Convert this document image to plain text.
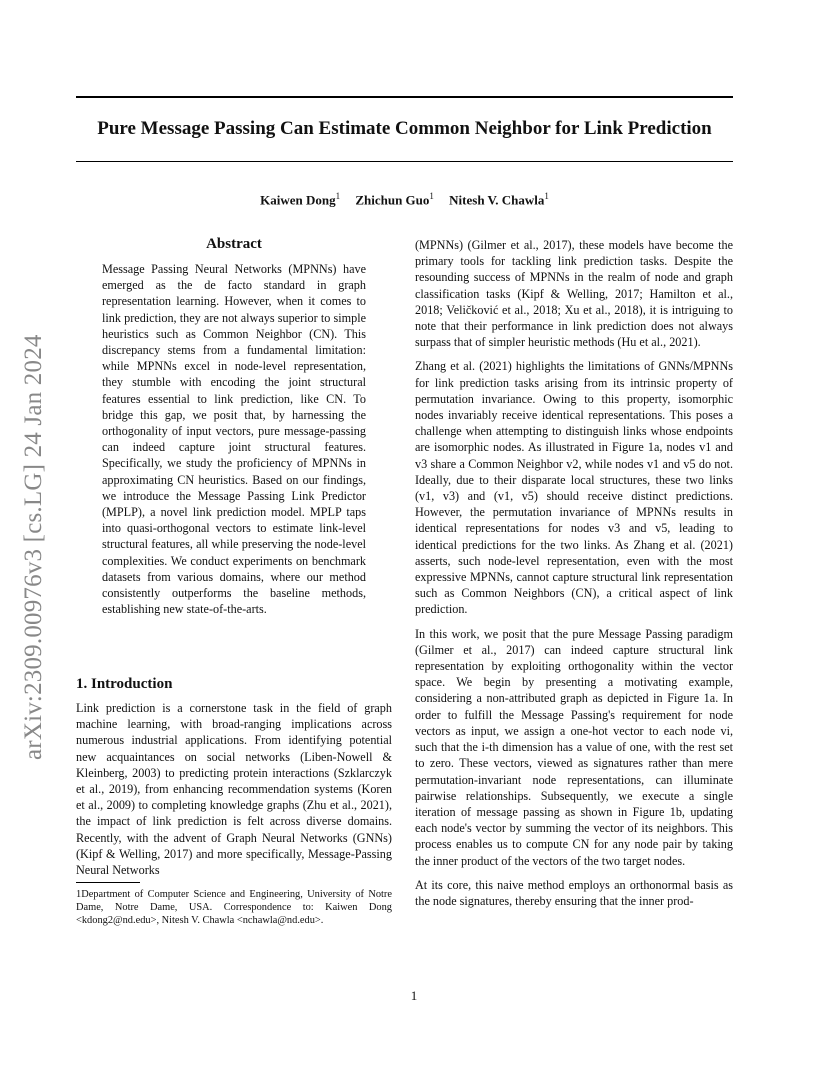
arXiv:2309.00976v3 [cs.LG] 24 Jan 2024
Pure Message Passing Can Estimate Common Neighbor for Link Prediction
Kaiwen Dong$^1$ Zhichun Guo$^1$ Nitesh V. Chawla$^1$
Abstract
Message Passing Neural Networks (MPNNs) have emerged as the de facto standard in graph representation learning. However, when it comes to link prediction, they are not always superior to simple heuristics such as Common Neighbor (CN). This discrepancy stems from a fundamental limitation: while MPNNs excel in node-level representation, they stumble with encoding the joint structural features essential to link prediction, like CN. To bridge this gap, we posit that, by harnessing the orthogonality of input vectors, pure message-passing can indeed capture joint structural features. Specifically, we study the proficiency of MPNNs in approximating CN heuristics. Based on our findings, we introduce the Message Passing Link Predictor (MPLP), a novel link prediction model. MPLP taps into quasi-orthogonal vectors to estimate link-level structural features, all while preserving the node-level complexities. We conduct experiments on benchmark datasets from various domains, where our method consistently outperforms the baseline methods, establishing new state-of-the-arts.
1. Introduction
Link prediction is a cornerstone task in the field of graph machine learning, with broad-ranging implications across numerous industrial applications. From identifying potential new acquaintances on social networks (Liben-Nowell & Kleinberg, 2003) to predicting protein interactions (Szklarczyk et al., 2019), from enhancing recommendation systems (Koren et al., 2009) to completing knowledge graphs (Zhu et al., 2021), the impact of link prediction is felt across diverse domains. Recently, with the advent of Graph Neural Networks (GNNs) (Kipf & Welling, 2017) and more specifically, Message-Passing Neural Networks
1Department of Computer Science and Engineering, University of Notre Dame, Notre Dame, USA. Correspondence to: Kaiwen Dong <kdong2@nd.edu>, Nitesh V. Chawla <nchawla@nd.edu>.

(MPNNs) (Gilmer et al., 2017), these models have become the primary tools for tackling link prediction tasks. Despite the resounding success of MPNNs in the realm of node and graph classification tasks (Kipf & Welling, 2017; Hamilton et al., 2018; Veličković et al., 2018; Xu et al., 2018), it is intriguing to note that their performance in link prediction does not always surpass that of simpler heuristic methods (Hu et al., 2021).

Zhang et al. (2021) highlights the limitations of GNNs/MPNNs for link prediction tasks arising from its intrinsic property of permutation invariance. Owing to this property, isomorphic nodes invariably receive identical representations. This poses a challenge when attempting to distinguish links whose endpoints are isomorphic nodes. As illustrated in Figure 1a, nodes v1 and v3 share a Common Neighbor v2, while nodes v1 and v5 do not. Ideally, due to their disparate local structures, these two links (v1, v3) and (v1, v5) should receive distinct predictions. However, the permutation invariance of MPNNs results in identical representations for nodes v3 and v5, leading to identical predictions for the two links. As Zhang et al. (2021) asserts, such node-level representation, even with the most expressive MPNNs, cannot capture structural link representation such as Common Neighbors (CN), a critical aspect of link prediction.

In this work, we posit that the pure Message Passing paradigm (Gilmer et al., 2017) can indeed capture structural link representation by exploiting orthogonality within the vector space. We begin by presenting a motivating example, considering a non-attributed graph as depicted in Figure 1a. In order to fulfill the Message Passing's requirement for node vectors as input, we assign a one-hot vector to each node vi, such that the i-th dimension has a value of one, with the rest set to zero. These vectors, viewed as signatures rather than mere permutation-invariant node representations, can illuminate pairwise relationships. Subsequently, we execute a single iteration of message passing as shown in Figure 1b, updating each node's vector by summing the vector of its neighbors. This process enables us to compute CN for any node pair by taking the inner product of the vectors of the two target nodes.

At its core, this naive method employs an orthonormal basis as the node signatures, thereby ensuring that the inner prod-

1
